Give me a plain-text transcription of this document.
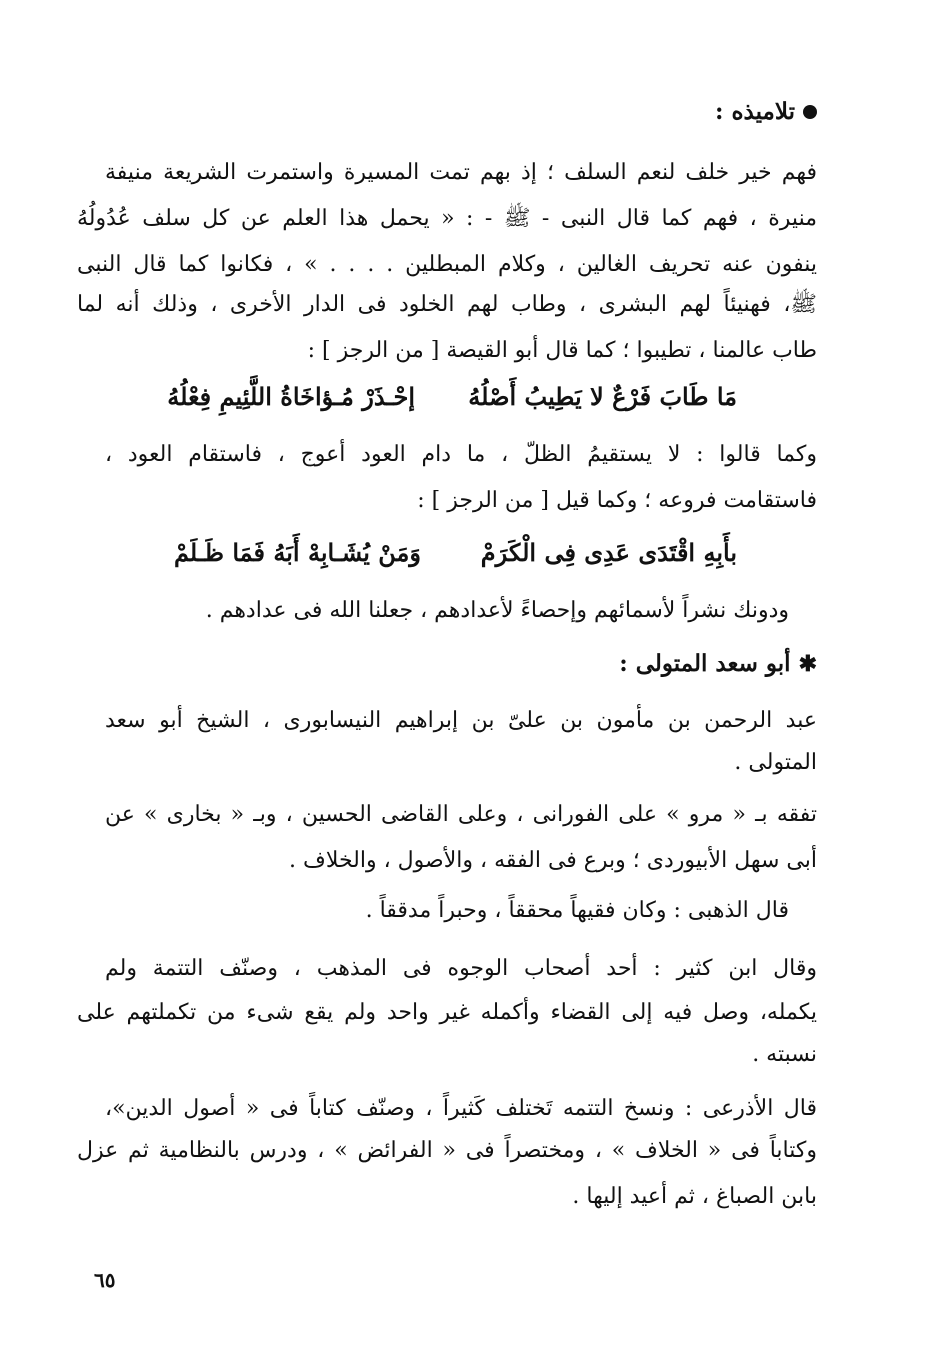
تلاميذه :
فهم خير خلف لنعم السلف ؛ إذ بهم تمت المسيرة واستمرت الشريعة منيفة
منيرة ، فهم كما قال النبى - ﷺ - : « يحمل هذا العلم عن كل سلف عُدُولُهُ
ينفون عنه تحريف الغالين ، وكلام المبطلين . . . . » ، فكانوا كما قال النبى
ﷺ، فهنيئاً لهم البشرى ، وطاب لهم الخلود فى الدار الأخرى ، وذلك أنه لما
طاب عالمنا ، تطيبوا ؛ كما قال أبو القيصة [ من الرجز ] :
مَا طَابَ فَرْعٌ لا يَطِيبُ أَصْلُهُ
إحْـذَرْ مُـؤاخَاةُ اللَّئِيمِ فِعْلُهُ
وكما قالوا : لا يستقيمُ الظلّ ، ما دام العود أعوج ، فاستقام العود ،
فاستقامت فروعه ؛ وكما قيل [ من الرجز ] :
بأَبِهِ اقْتَدَى عَدِى فِى الْكَرَمْ
وَمَنْ يُشَـابِهْ أَبَهُ فَمَا ظَـلَمْ
ودونك نشراً لأسمائهم وإحصاءً لأعدادهم ، جعلنا الله فى عدادهم .
✱
أبو سعد المتولى :
عبد الرحمن بن مأمون بن علىّ بن إبراهيم النيسابورى ، الشيخ أبو سعد
المتولى .
تفقه بـ « مرو » على الفورانى ، وعلى القاضى الحسين ، وبـ « بخارى » عن
أبى سهل الأبيوردى ؛ وبرع فى الفقه ، والأصول ، والخلاف .
قال الذهبى : وكان فقيهاً محققاً ، وحبراً مدققاً .
وقال ابن كثير : أحد أصحاب الوجوه فى المذهب ، وصنّف التتمة ولم
يكمله، وصل فيه إلى القضاء وأكمله غير واحد ولم يقع شىء من تكملتهم على
نسبته .
قال الأذرعى : ونسخ التتمه تَختلف كَثيراً ، وصنّف كتاباً فى « أصول الدين»،
وكتاباً فى « الخلاف » ، ومختصراً فى « الفرائض » ، ودرس بالنظامية ثم عزل
بابن الصباغ ، ثم أعيد إليها .
٦٥
